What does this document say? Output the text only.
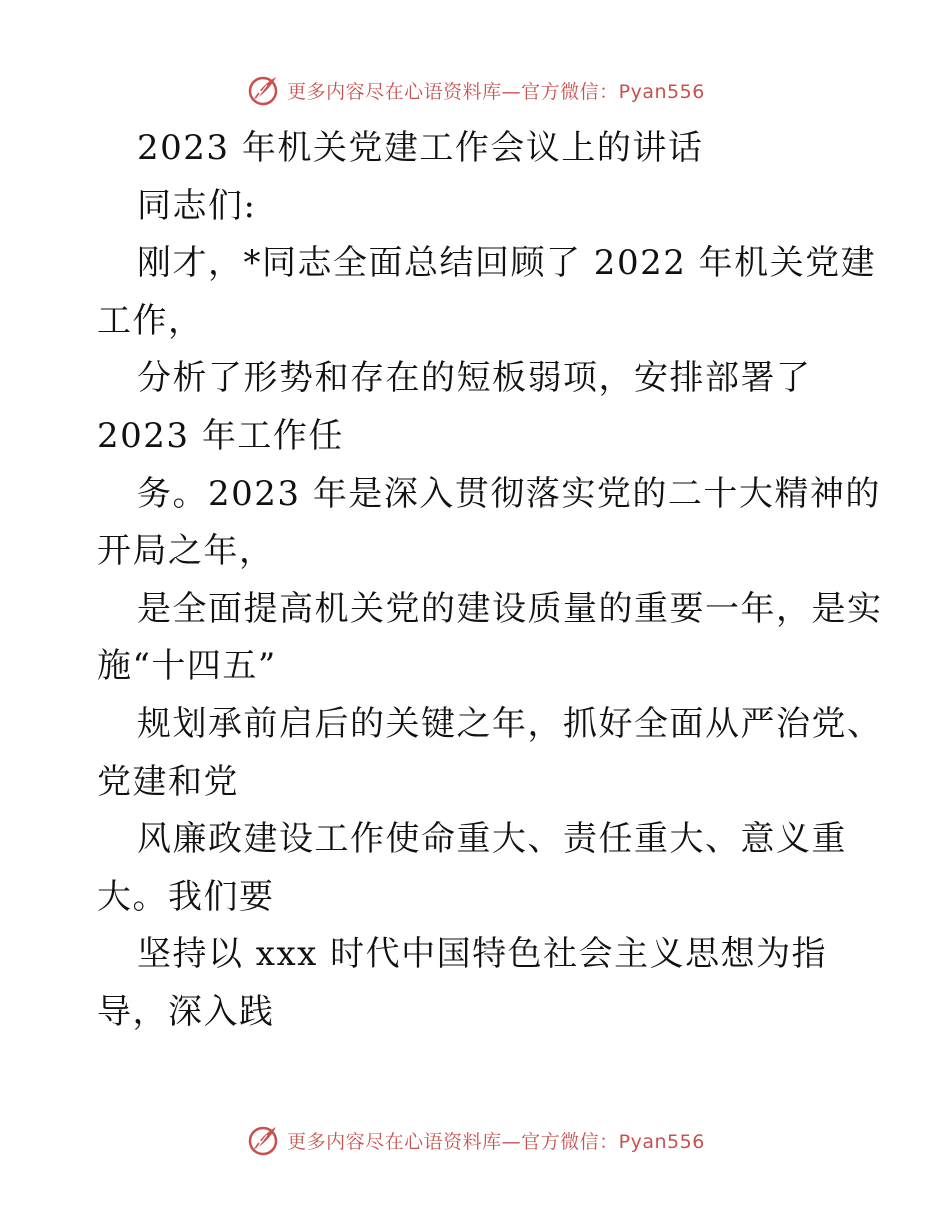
更多内容尽在心语资料库—官方微信：Pyan556
2023 年机关党建工作会议上的讲话
同志们:
刚才，*同志全面总结回顾了 2022 年机关党建
工作，
分析了形势和存在的短板弱项，安排部署了
2023 年工作任
务。2023 年是深入贯彻落实党的二十大精神的
开局之年，
是全面提高机关党的建设质量的重要一年，是实
施“十四五”
规划承前启后的关键之年，抓好全面从严治党、
党建和党
风廉政建设工作使命重大、责任重大、意义重
大。我们要
坚持以 xxx 时代中国特色社会主义思想为指
导，深入践
更多内容尽在心语资料库—官方微信：Pyan556
